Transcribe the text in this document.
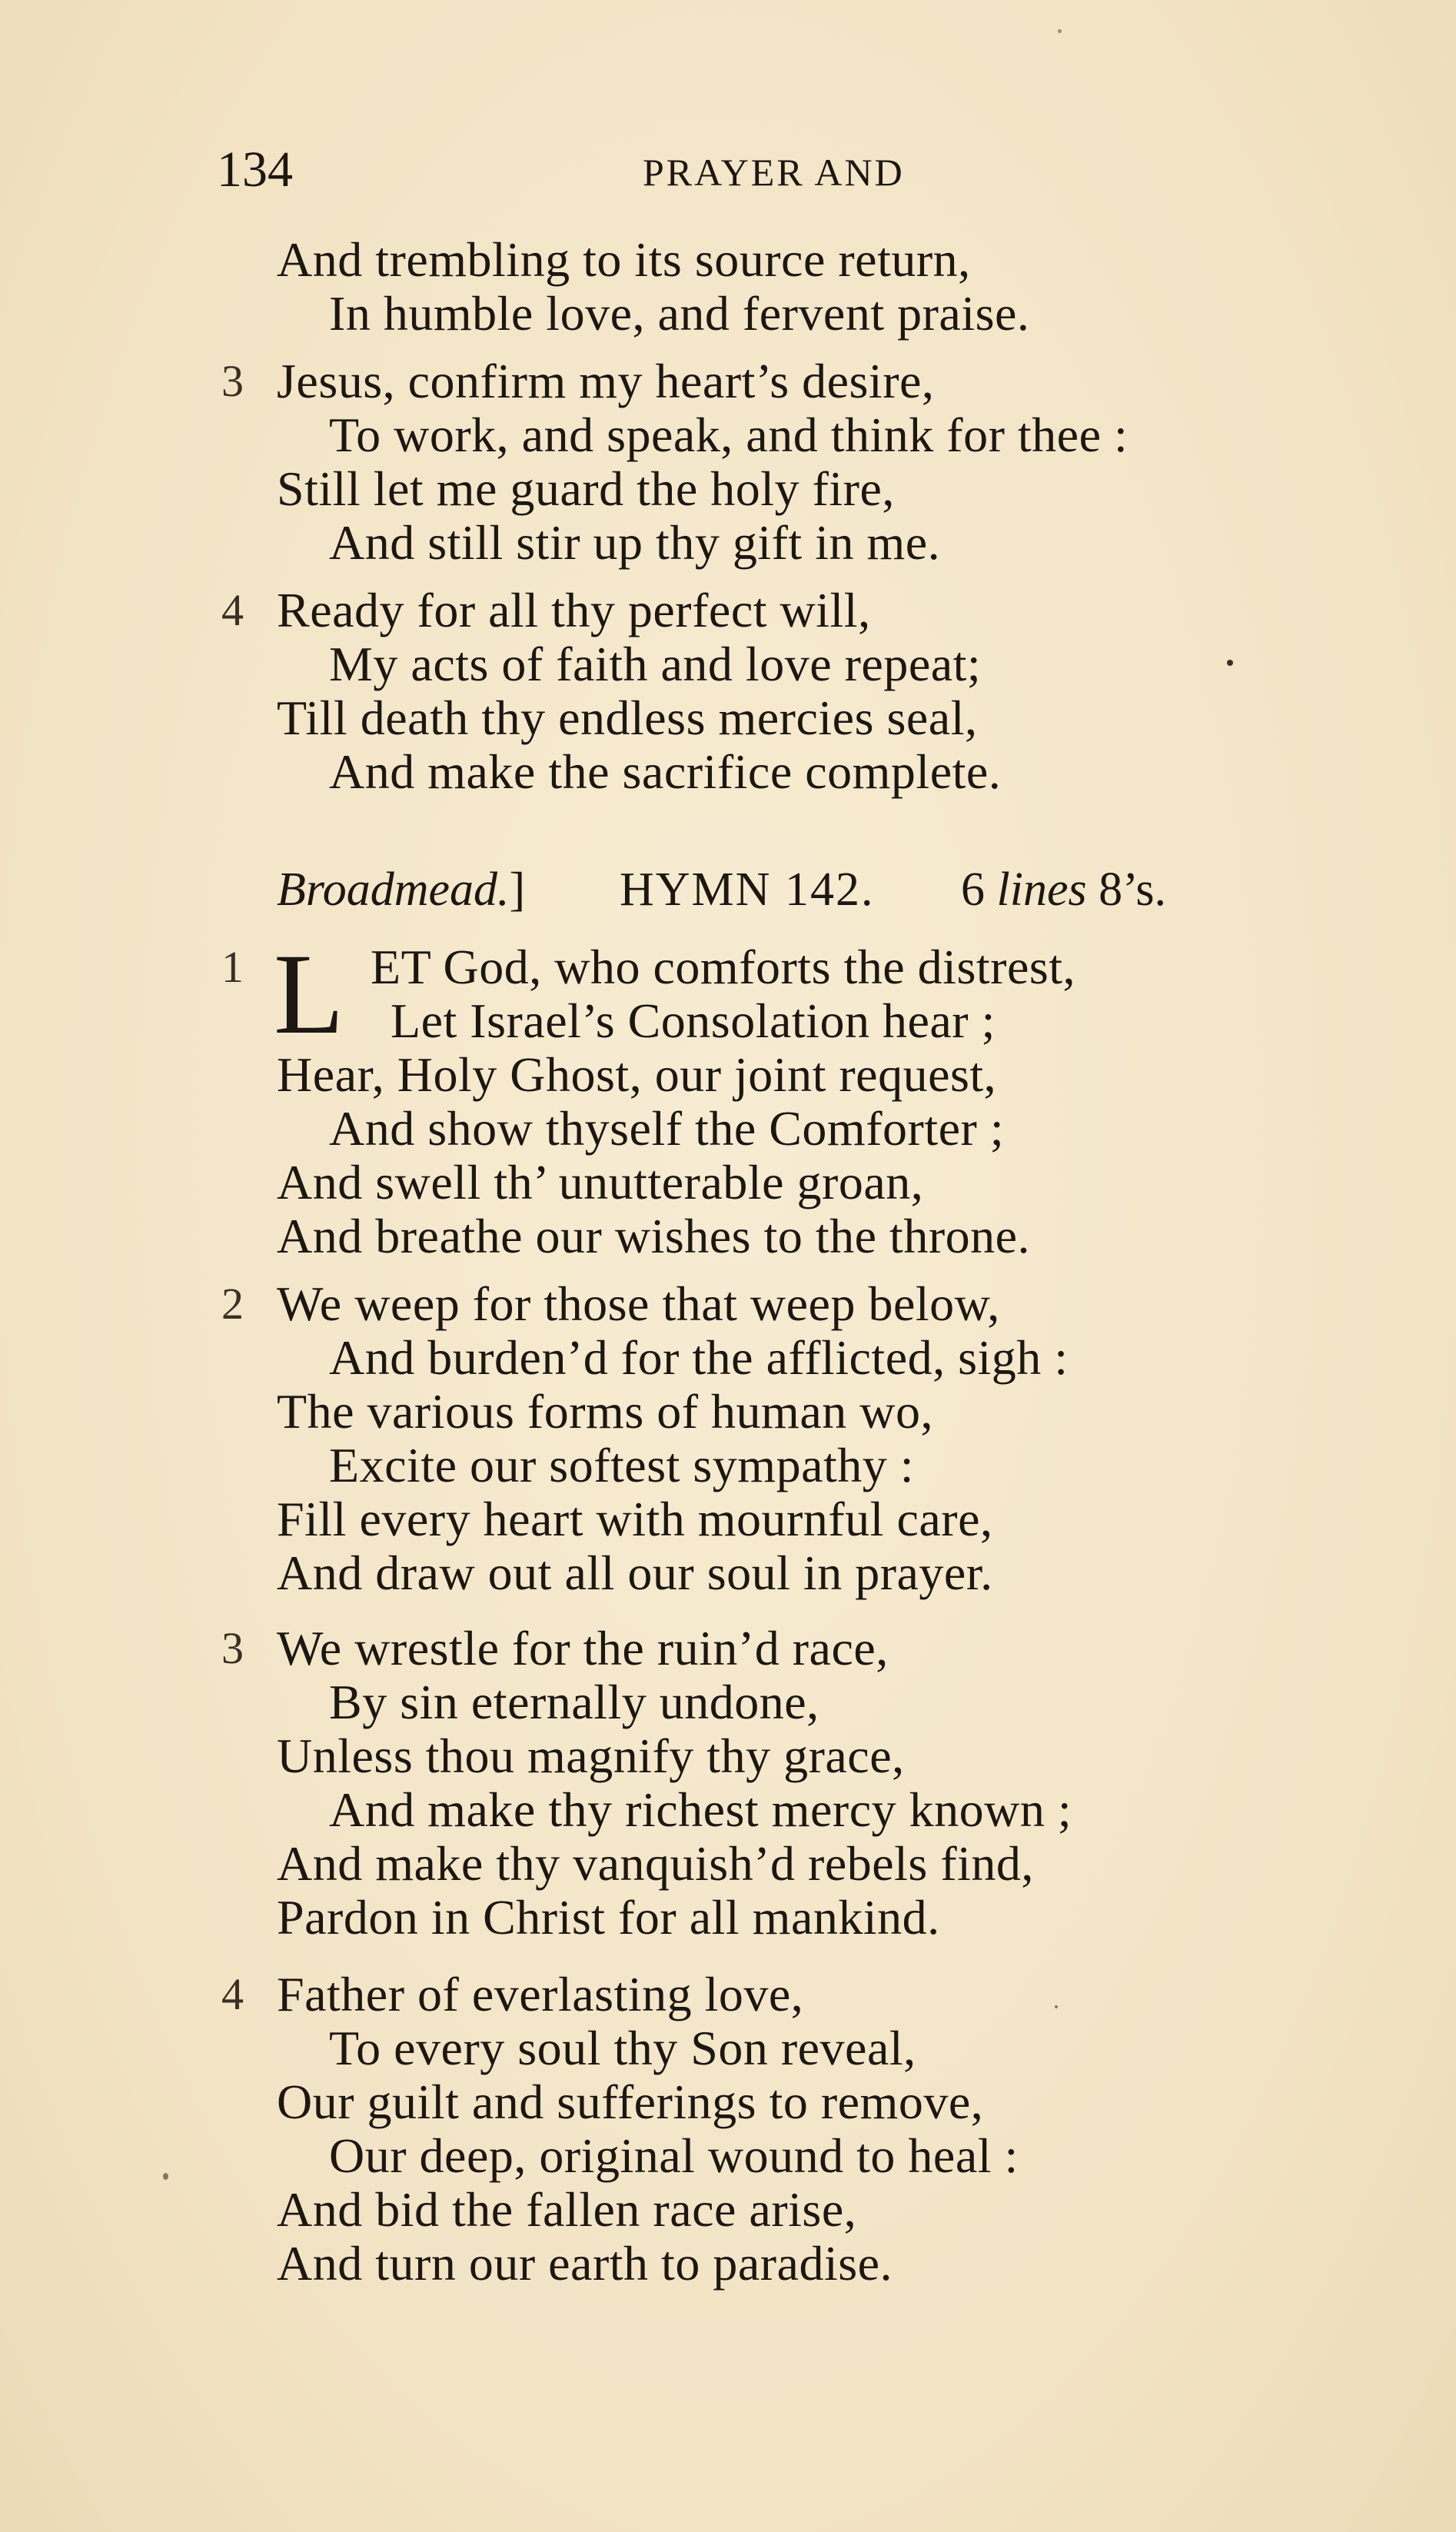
134	PRAYER AND
And trembling to its source return,
In humble love, and fervent praise.
3 Jesus, confirm my heart’s desire,
To work, and speak, and think for thee :
Still let me guard the holy fire,
And still stir up thy gift in me.
4 Ready for all thy perfect will,
My acts of faith and love repeat;
Till death thy endless mercies seal,
And make the sacrifice complete.
Broadmead.] HYMN 142. 6 lines 8’s.
1 L ET God, who comforts the distrest,
Let Israel’s Consolation hear ;
Hear, Holy Ghost, our joint request,
And show thyself the Comforter ;
And swell th’ unutterable groan,
And breathe our wishes to the throne.
2 We weep for those that weep below,
And burden’d for the afflicted, sigh :
The various forms of human wo,
Excite our softest sympathy :
Fill every heart with mournful care,
And draw out all our soul in prayer.
3 We wrestle for the ruin’d race,
By sin eternally undone,
Unless thou magnify thy grace,
And make thy richest mercy known ;
And make thy vanquish’d rebels find,
Pardon in Christ for all mankind.
4 Father of everlasting love,
To every soul thy Son reveal,
Our guilt and sufferings to remove,
Our deep, original wound to heal :
And bid the fallen race arise,
And turn our earth to paradise.
